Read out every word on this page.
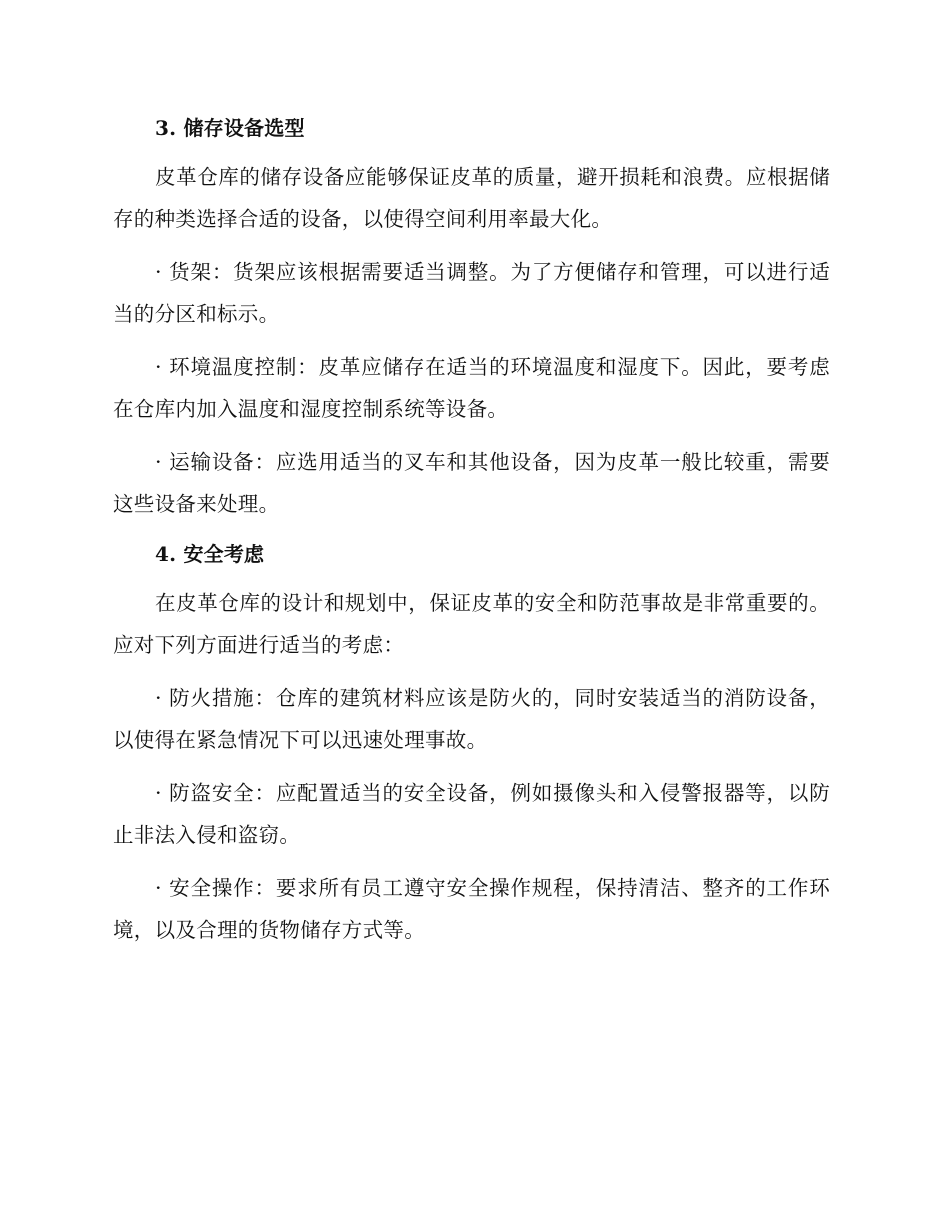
3. 储存设备选型

皮革仓库的储存设备应能够保证皮革的质量，避开损耗和浪费。应根据储存的种类选择合适的设备，以使得空间利用率最大化。

· 货架：货架应该根据需要适当调整。为了方便储存和管理，可以进行适当的分区和标示。

· 环境温度控制：皮革应储存在适当的环境温度和湿度下。因此，要考虑在仓库内加入温度和湿度控制系统等设备。

· 运输设备：应选用适当的叉车和其他设备，因为皮革一般比较重，需要这些设备来处理。

4. 安全考虑

在皮革仓库的设计和规划中，保证皮革的安全和防范事故是非常重要的。应对下列方面进行适当的考虑：

· 防火措施：仓库的建筑材料应该是防火的，同时安装适当的消防设备，以使得在紧急情况下可以迅速处理事故。

· 防盗安全：应配置适当的安全设备，例如摄像头和入侵警报器等，以防止非法入侵和盗窃。

· 安全操作：要求所有员工遵守安全操作规程，保持清洁、整齐的工作环境，以及合理的货物储存方式等。
